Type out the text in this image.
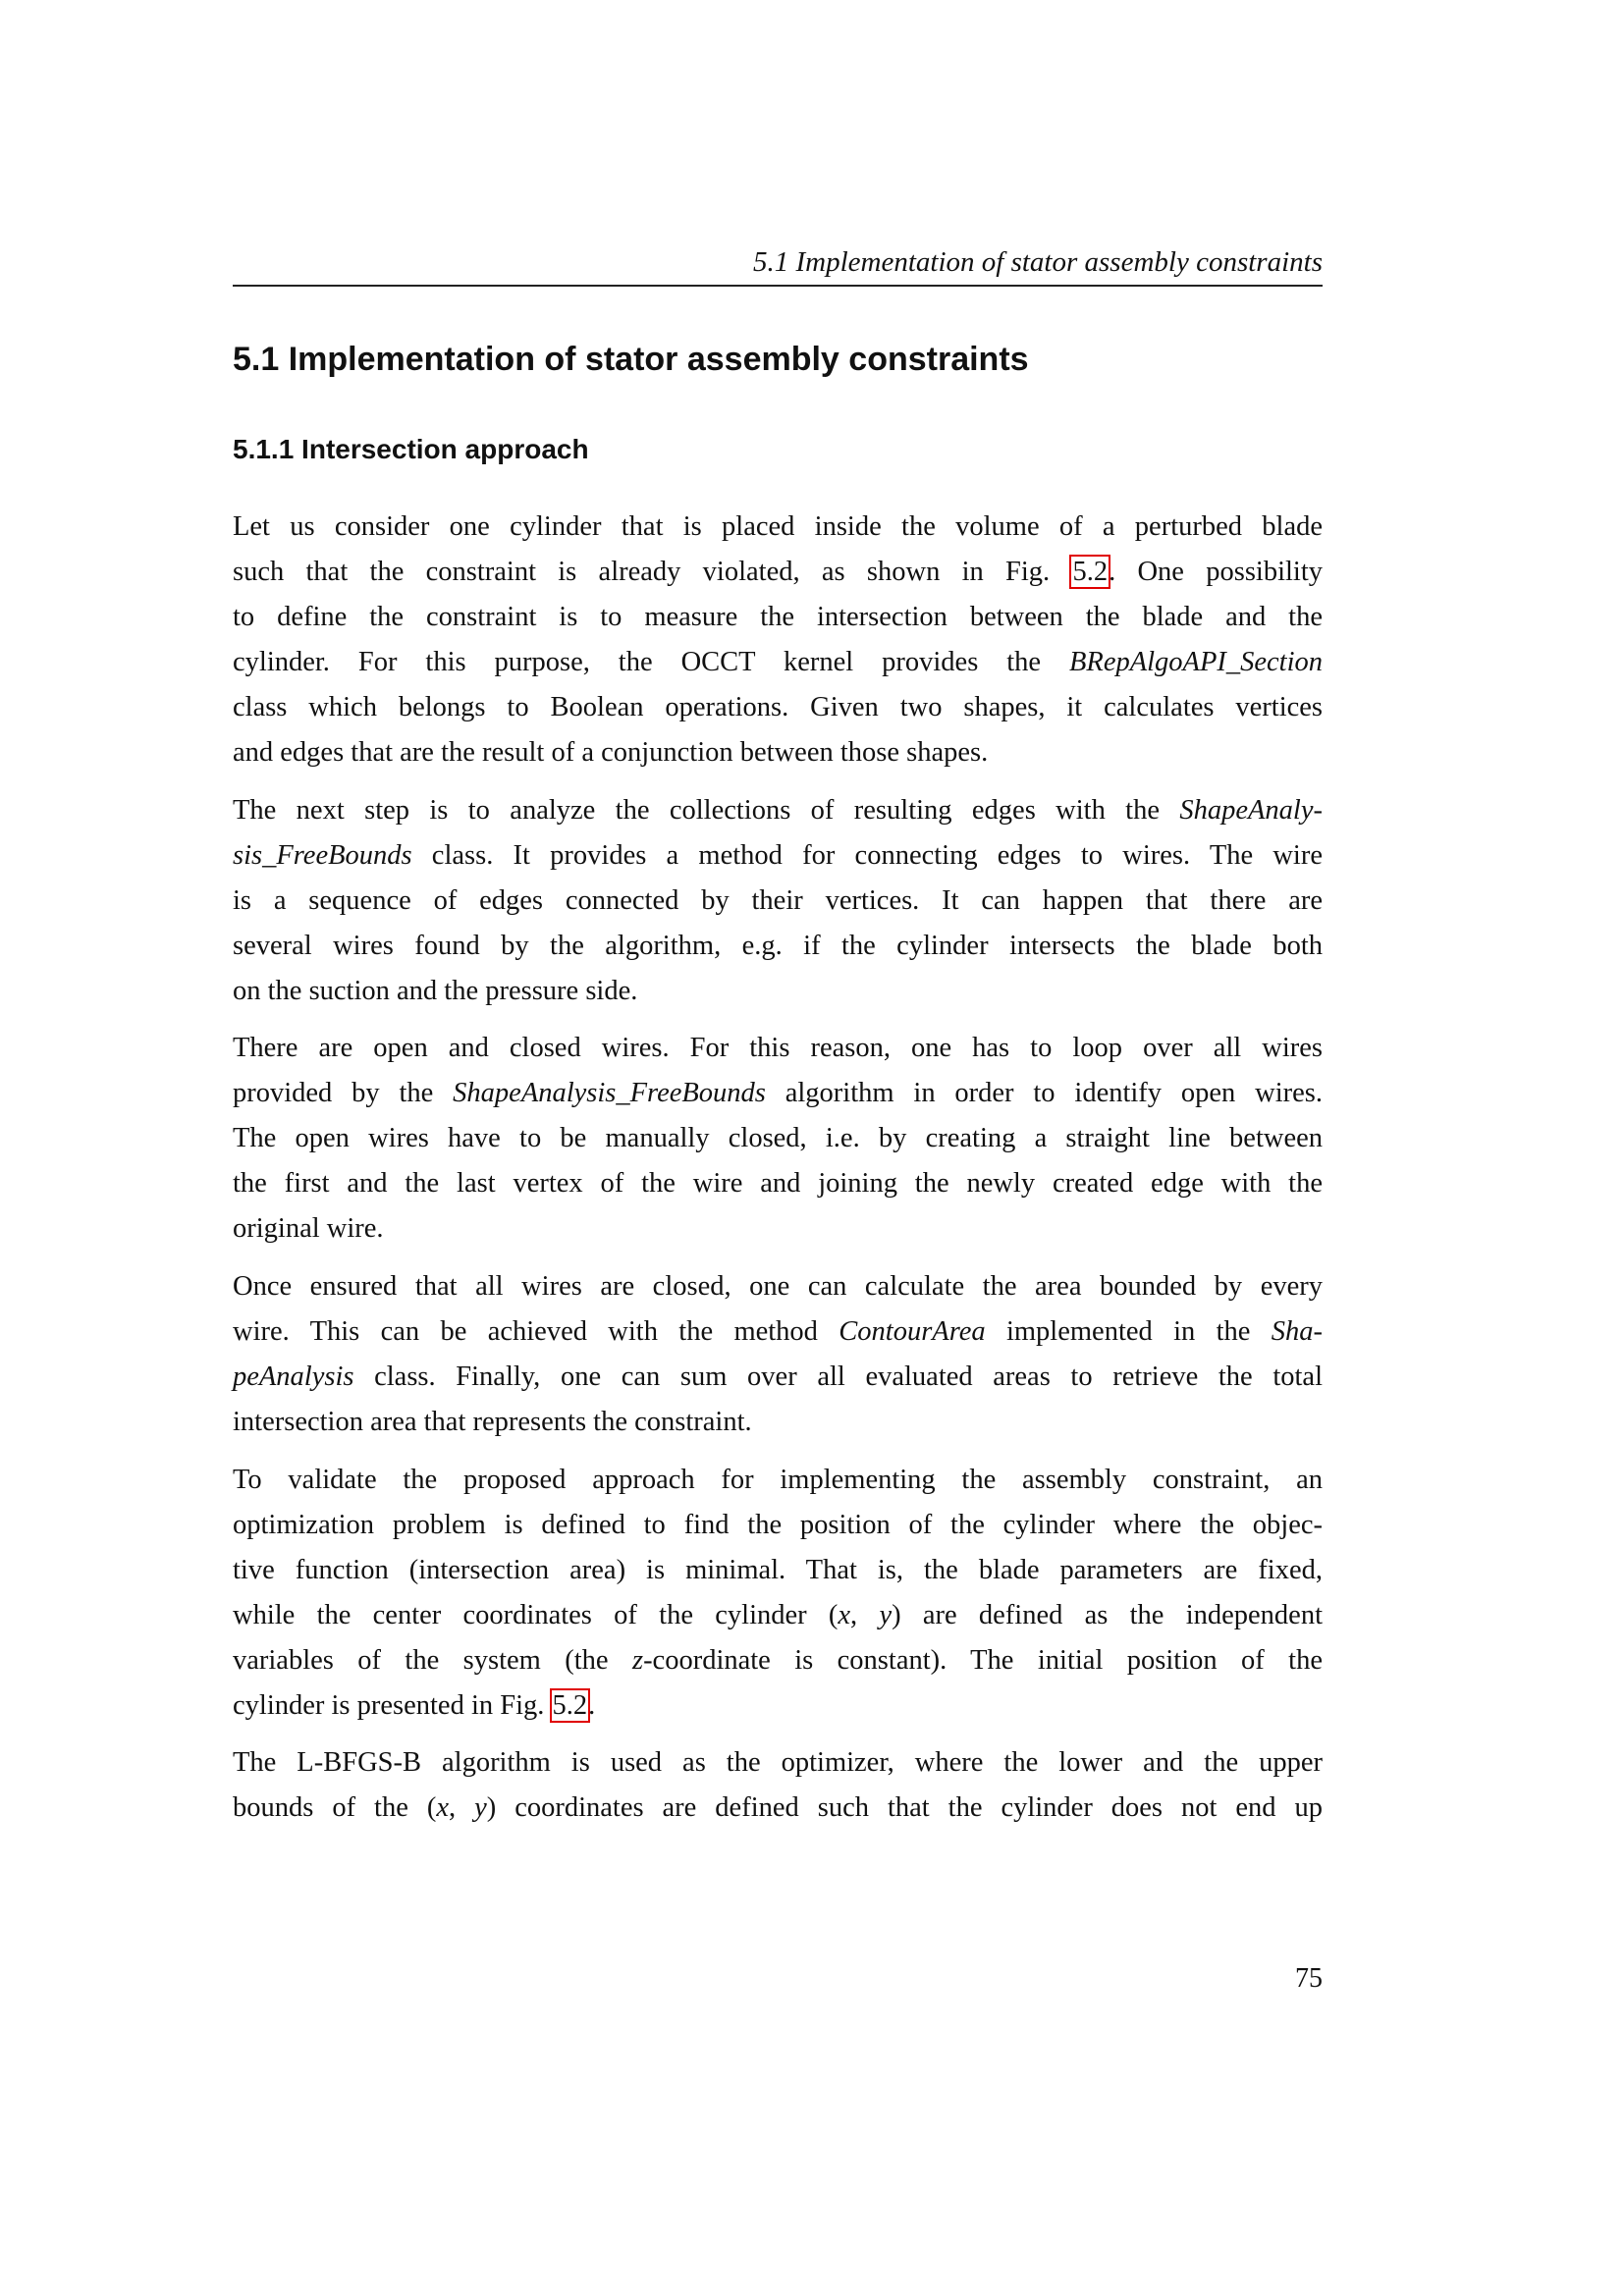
5.1 Implementation of stator assembly constraints
5.1 Implementation of stator assembly constraints
5.1.1 Intersection approach
Let us consider one cylinder that is placed inside the volume of a perturbed blade
such that the constraint is already violated, as shown in Fig. 5.2. One possibility
to define the constraint is to measure the intersection between the blade and the
cylinder. For this purpose, the OCCT kernel provides the BRepAlgoAPI_Section
class which belongs to Boolean operations. Given two shapes, it calculates vertices
and edges that are the result of a conjunction between those shapes.
The next step is to analyze the collections of resulting edges with the ShapeAnaly-
sis_FreeBounds class. It provides a method for connecting edges to wires. The wire
is a sequence of edges connected by their vertices. It can happen that there are
several wires found by the algorithm, e.g. if the cylinder intersects the blade both
on the suction and the pressure side.
There are open and closed wires. For this reason, one has to loop over all wires
provided by the ShapeAnalysis_FreeBounds algorithm in order to identify open wires.
The open wires have to be manually closed, i.e. by creating a straight line between
the first and the last vertex of the wire and joining the newly created edge with the
original wire.
Once ensured that all wires are closed, one can calculate the area bounded by every
wire. This can be achieved with the method ContourArea implemented in the Sha-
peAnalysis class. Finally, one can sum over all evaluated areas to retrieve the total
intersection area that represents the constraint.
To validate the proposed approach for implementing the assembly constraint, an
optimization problem is defined to find the position of the cylinder where the objec-
tive function (intersection area) is minimal. That is, the blade parameters are fixed,
while the center coordinates of the cylinder (x, y) are defined as the independent
variables of the system (the z-coordinate is constant). The initial position of the
cylinder is presented in Fig. 5.2.
The L-BFGS-B algorithm is used as the optimizer, where the lower and the upper
bounds of the (x, y) coordinates are defined such that the cylinder does not end up
75
